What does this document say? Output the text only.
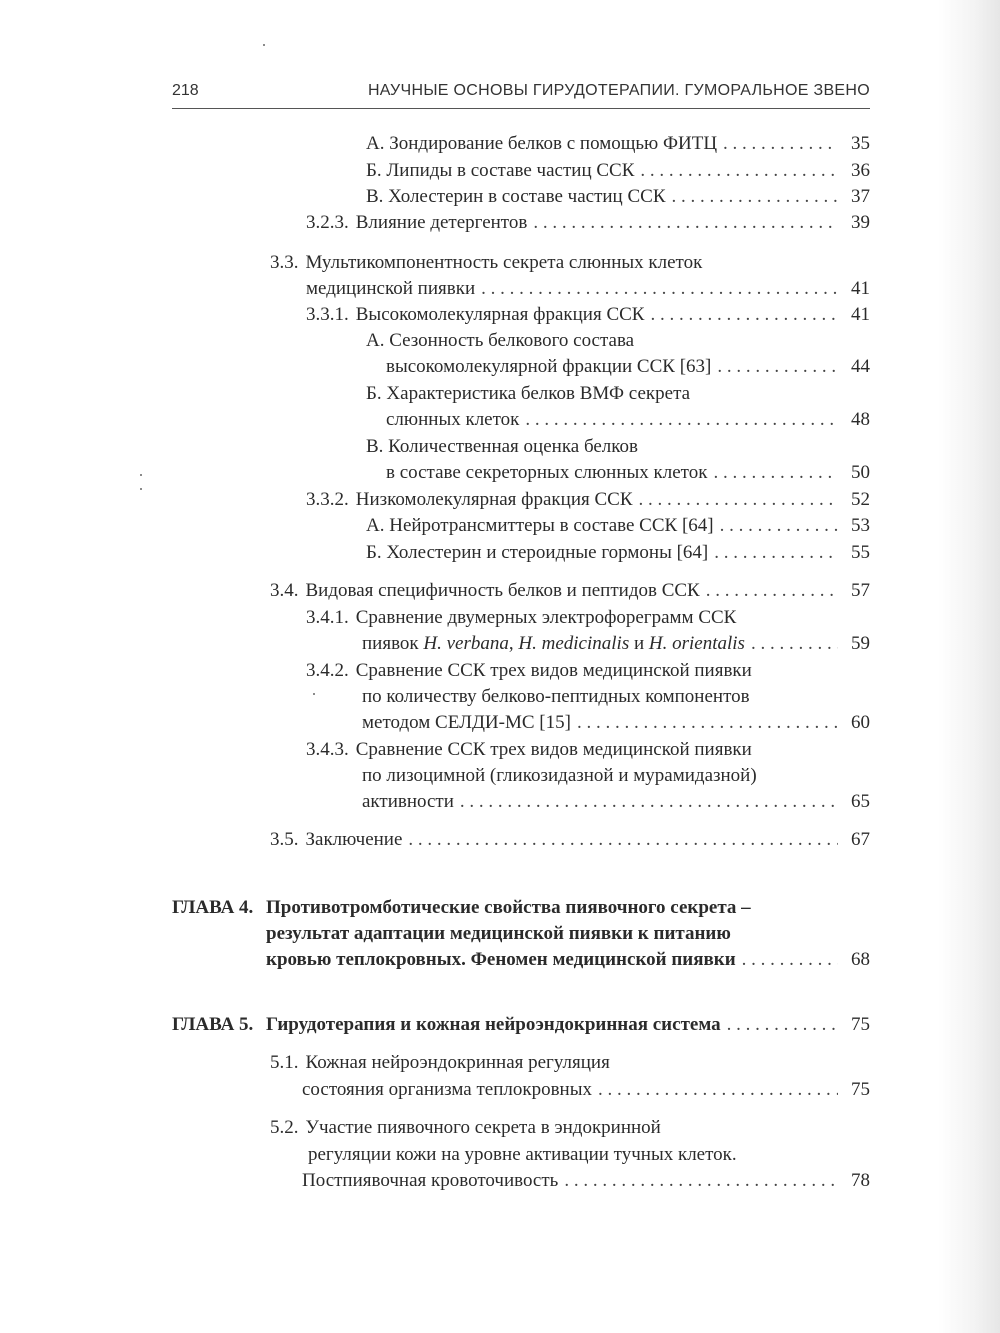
218	НАУЧНЫЕ ОСНОВЫ ГИРУДОТЕРАПИИ. ГУМОРАЛЬНОЕ ЗВЕНО
А. Зондирование белков с помощью ФИТЦ . . .	35
Б. Липиды в составе частиц ССК . . .	36
В. Холестерин в составе частиц ССК . . .	37
3.2.3. Влияние детергентов . . .	39
3.3. Мультикомпонентность секрета слюнных клеток
медицинской пиявки . . .	41
3.3.1. Высокомолекулярная фракция ССК . . .	41
А. Сезонность белкового состава
высокомолекулярной фракции ССК [63] . . .	44
Б. Характеристика белков ВМФ секрета
слюнных клеток . . .	48
В. Количественная оценка белков
в составе секреторных слюнных клеток . . .	50
3.3.2. Низкомолекулярная фракция ССК . . .	52
А. Нейротрансмиттеры в составе ССК [64] . . .	53
Б. Холестерин и стероидные гормоны [64] . . .	55
3.4. Видовая специфичность белков и пептидов ССК . . .	57
3.4.1. Сравнение двумерных электрофореграмм ССК
пиявок H. verbana, H. medicinalis и H. orientalis . . .	59
3.4.2. Сравнение ССК трех видов медицинской пиявки
по количеству белково-пептидных компонентов
методом СЕЛДИ-МС [15] . . .	60
3.4.3. Сравнение ССК трех видов медицинской пиявки
по лизоцимной (гликозидазной и мурамидазной)
активности . . .	65
3.5. Заключение . . .	67
ГЛАВА 4. Противотромботические свойства пиявочного секрета –
результат адаптации медицинской пиявки к питанию
кровью теплокровных. Феномен медицинской пиявки . . .	68
ГЛАВА 5. Гирудотерапия и кожная нейроэндокринная система . . .	75
5.1. Кожная нейроэндокринная регуляция
состояния организма теплокровных . . .	75
5.2. Участие пиявочного секрета в эндокринной
регуляции кожи на уровне активации тучных клеток.
Постпиявочная кровоточивость . . .	78
